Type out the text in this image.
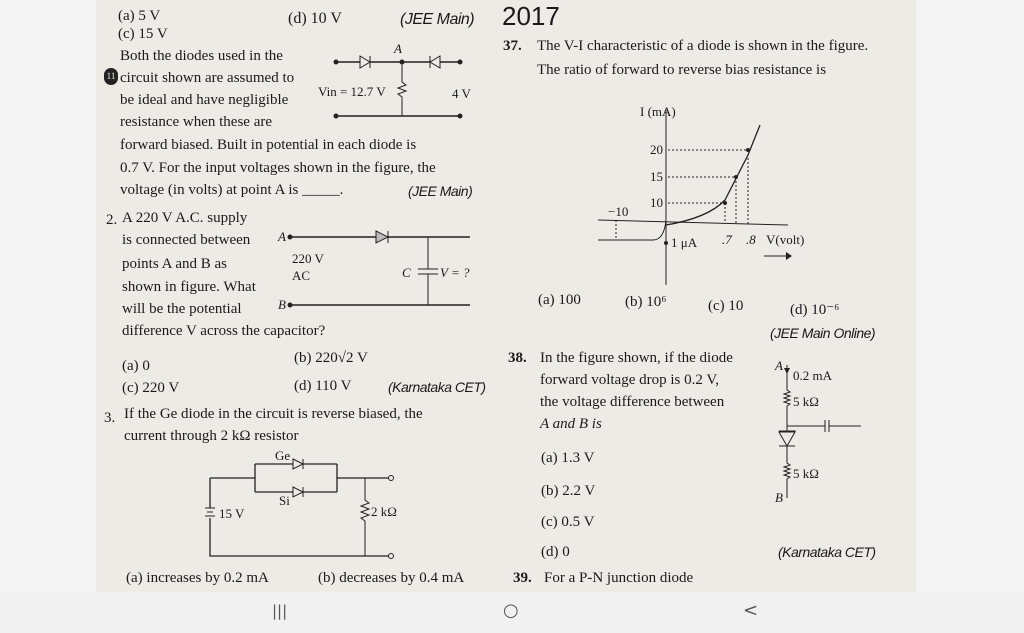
(a) 5 V
(c) 15 V
(d) 10 V	(JEE Main) 2017
11
Both the diodes used in the
circuit shown are assumed to
be ideal and have negligible
resistance when these are
forward biased. Built in potential in each diode is
0.7 V. For the input voltages shown in the figure, the
voltage (in volts) at point A is _____.	(JEE Main)
A
Vin = 12.7 V	4 V
2. A 220 V A.C. supply
is connected between
points A and B as
shown in figure. What
will be the potential
difference V across the capacitor?
A
B
220 V
AC	C V = ?
(a) 0	(b) 220√2 V
(c) 220 V	(d) 110 V	(Karnataka CET)
3. If the Ge diode in the circuit is reverse biased, the
current through 2 kΩ resistor
Ge
Si
15 V	2 kΩ
(a) increases by 0.2 mA	(b) decreases by 0.4 mA
37. The V-I characteristic of a diode is shown in the figure.
The ratio of forward to reverse bias resistance is
I (mA)
20
15
10
−10
1 μA .7 .8 V(volt)
(a) 100	(b) 10⁶	(c) 10	(d) 10⁻⁶
(JEE Main Online)
38. In the figure shown, if the diode
forward voltage drop is 0.2 V,
the voltage difference between
A and B is
(a) 1.3 V
(b) 2.2 V
(c) 0.5 V
(d) 0	(Karnataka CET)
A
0.2 mA
5 kΩ
5 kΩ
B
39. For a P-N junction diode
|||	○	<
